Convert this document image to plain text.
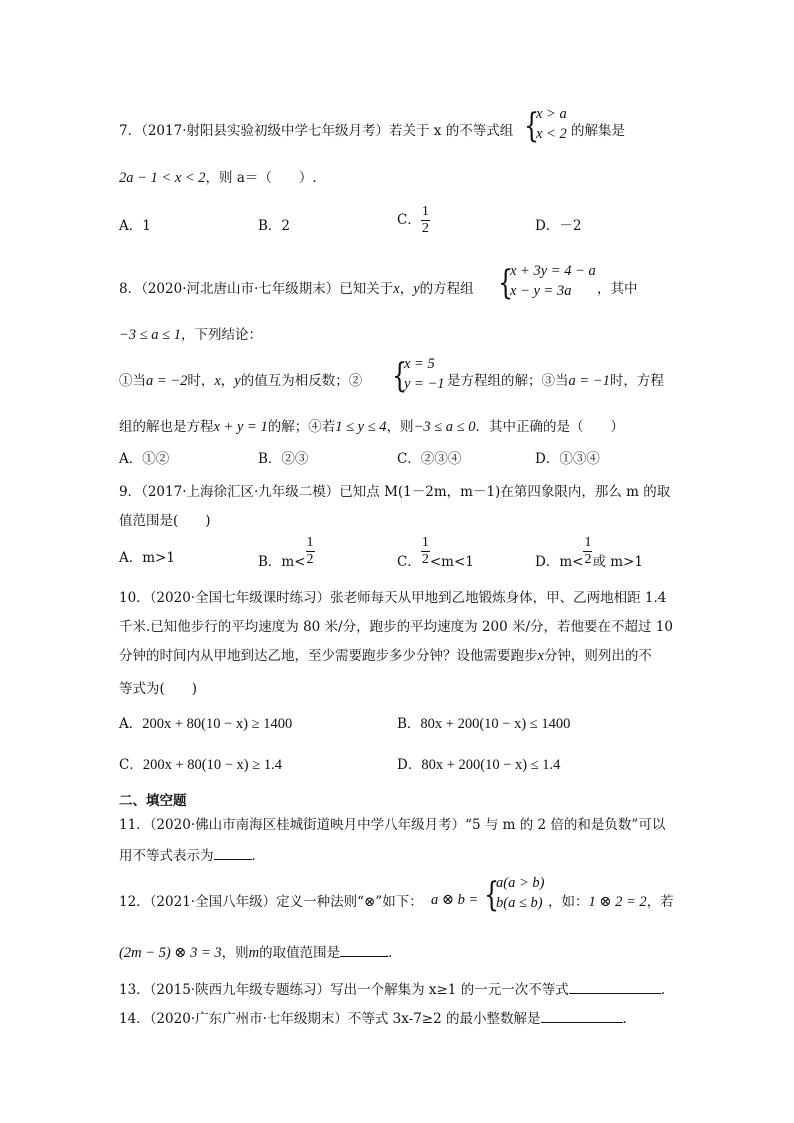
7．（2017·射阳县实验初级中学七年级月考）若关于 x 的不等式组 {
x > a
x < 2 的解集是
2a − 1 < x < 2，则 a＝（　　）.
A．1	B．2	C． $\frac{1}{2}$	D．－2
8．（2020·河北唐山市·七年级期末）已知关于x，y的方程组 {
x + 3y = 4 − a
x − y = 3a	，其中
−3 ≤ a ≤ 1，下列结论：
①当a = −2时，x，y的值互为相反数；② {
x = 5
y = −1 是方程组的解；③当a = −1时，方程
组的解也是方程x + y = 1的解；④若1 ≤ y ≤ 4，则−3 ≤ a ≤ 0．其中正确的是（　　）
A．①②	B．②③	C．②③④	D．①③④
9．（2017·上海徐汇区·九年级二模）已知点 M(1－2m，m－1)在第四象限内，那么 m 的取
值范围是(　　)
A．m>1	B．$m< \frac{1}{2}$	C． $\frac{1}{2} <m<1$	D．$m< \frac{1}{2}$ 或 m>1
10．（2020·全国七年级课时练习）张老师每天从甲地到乙地锻炼身体，甲、乙两地相距 1.4
千米.已知他步行的平均速度为 80 米/分，跑步的平均速度为 200 米/分，若他要在不超过 10
分钟的时间内从甲地到达乙地，至少需要跑步多少分钟？设他需要跑步x分钟，则列出的不
等式为(　　)
A．200x + 80(10 − x) ≥ 1400	B．80x + 200(10 − x) ≤ 1400
C．200x + 80(10 − x) ≥ 1.4	D．80x + 200(10 − x) ≤ 1.4
二、填空题
11．（2020·佛山市南海区桂城街道映月中学八年级月考）“5 与 m 的 2 倍的和是负数”可以
用不等式表示为	．
12．（2021·全国八年级）定义一种法则“⊗”如下： a ⊗ b = {
a(a > b)
b(a ≤ b) ，如：1 ⊗ 2 = 2，若
(2m − 5) ⊗ 3 = 3，则m的取值范围是	．
13．（2015·陕西九年级专题练习）写出一个解集为 x≥1 的一元一次不等式	.
14．（2020·广东广州市·七年级期末）不等式 3x-7≥2 的最小整数解是	.
